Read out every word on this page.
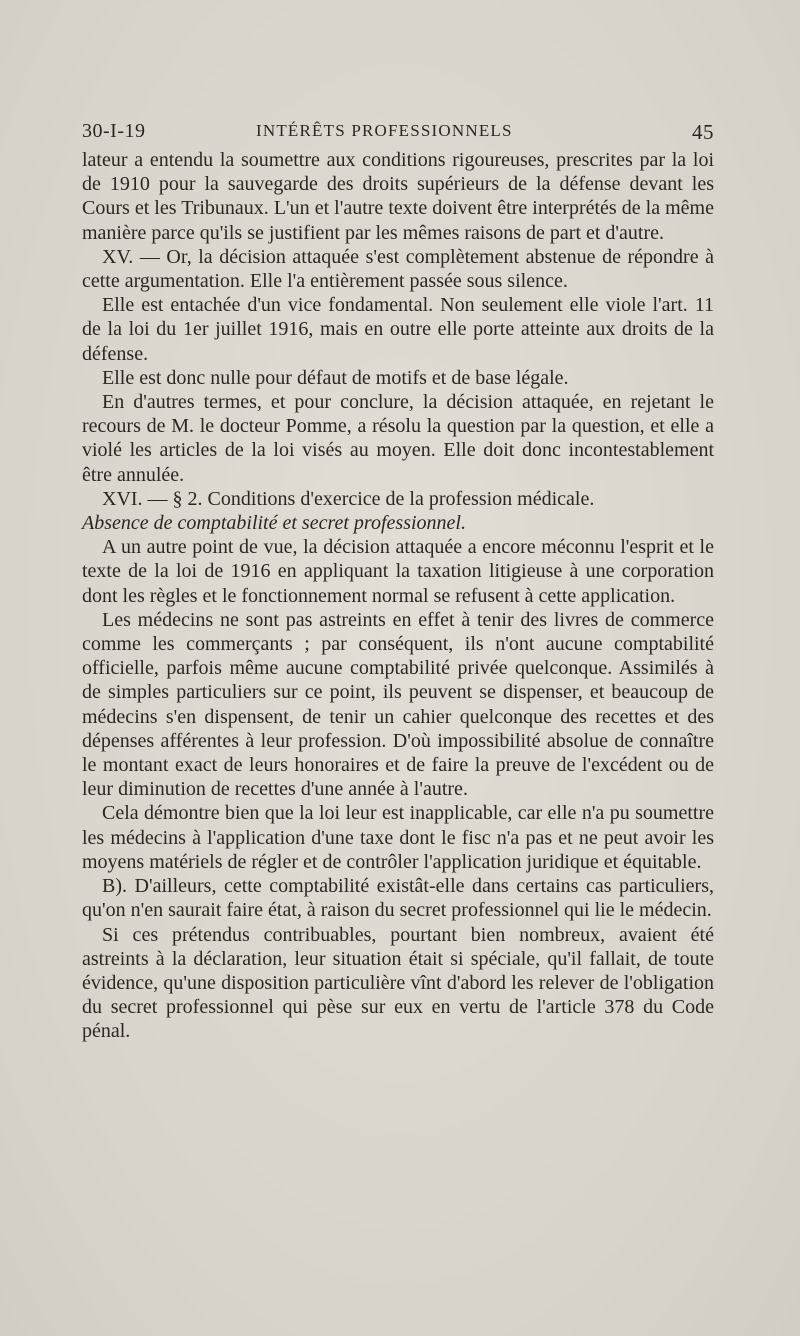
30-I-19	INTÉRÊTS PROFESSIONNELS	45

lateur a entendu la soumettre aux conditions rigoureuses, prescrites par la loi de 1910 pour la sauvegarde des droits supérieurs de la défense devant les Cours et les Tribunaux. L'un et l'autre texte doivent être interprétés de la même manière parce qu'ils se justifient par les mêmes raisons de part et d'autre.

XV. — Or, la décision attaquée s'est complètement abstenue de répondre à cette argumentation. Elle l'a entièrement passée sous silence.

Elle est entachée d'un vice fondamental. Non seulement elle viole l'art. 11 de la loi du 1er juillet 1916, mais en outre elle porte atteinte aux droits de la défense.

Elle est donc nulle pour défaut de motifs et de base légale.

En d'autres termes, et pour conclure, la décision attaquée, en rejetant le recours de M. le docteur Pomme, a résolu la question par la question, et elle a violé les articles de la loi visés au moyen. Elle doit donc incontestablement être annulée.

XVI. — § 2. Conditions d'exercice de la profession médicale.

Absence de comptabilité et secret professionnel.

A un autre point de vue, la décision attaquée a encore méconnu l'esprit et le texte de la loi de 1916 en appliquant la taxation litigieuse à une corporation dont les règles et le fonctionnement normal se refusent à cette application.

Les médecins ne sont pas astreints en effet à tenir des livres de commerce comme les commerçants ; par conséquent, ils n'ont aucune comptabilité officielle, parfois même aucune comptabilité privée quelconque. Assimilés à de simples particuliers sur ce point, ils peuvent se dispenser, et beaucoup de médecins s'en dispensent, de tenir un cahier quelconque des recettes et des dépenses afférentes à leur profession. D'où impossibilité absolue de connaître le montant exact de leurs honoraires et de faire la preuve de l'excédent ou de leur diminution de recettes d'une année à l'autre.

Cela démontre bien que la loi leur est inapplicable, car elle n'a pu soumettre les médecins à l'application d'une taxe dont le fisc n'a pas et ne peut avoir les moyens matériels de régler et de contrôler l'application juridique et équitable.

B). D'ailleurs, cette comptabilité existât-elle dans certains cas particuliers, qu'on n'en saurait faire état, à raison du secret professionnel qui lie le médecin.

Si ces prétendus contribuables, pourtant bien nombreux, avaient été astreints à la déclaration, leur situation était si spéciale, qu'il fallait, de toute évidence, qu'une disposition particulière vînt d'abord les relever de l'obligation du secret professionnel qui pèse sur eux en vertu de l'article 378 du Code pénal.
